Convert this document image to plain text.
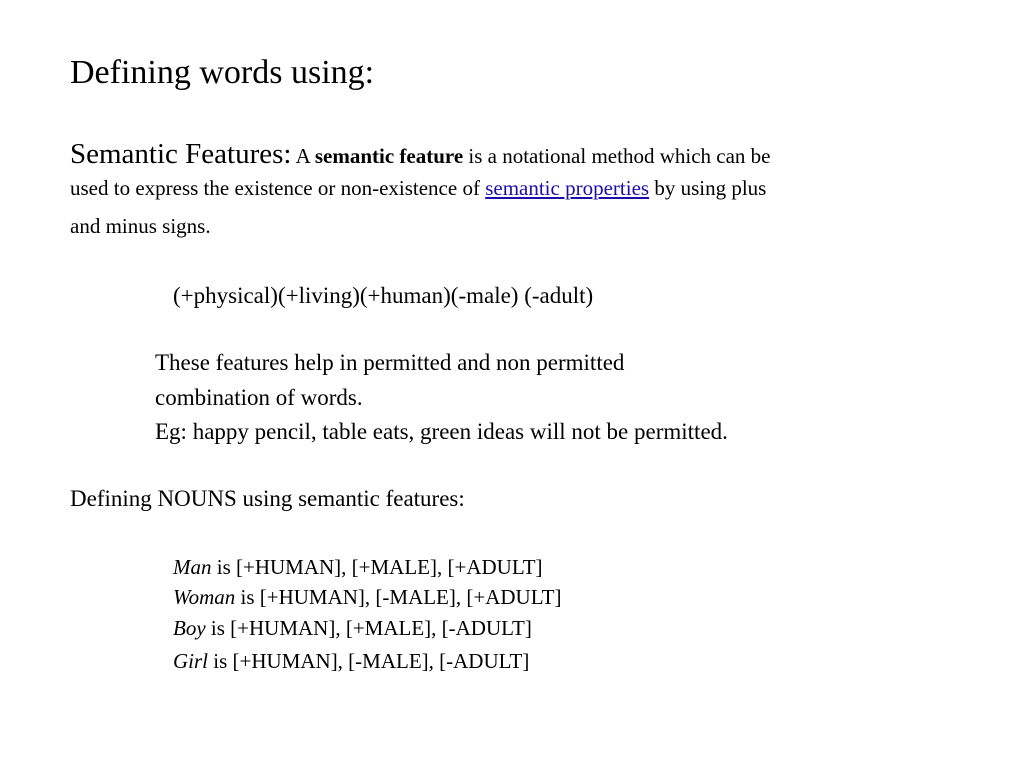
Defining words using:
Semantic Features: A semantic feature is a notational method which can be
used to express the existence or non-existence of semantic properties by using plus
and minus signs.
(+physical)(+living)(+human)(-male) (-adult)
These features help in permitted and non permitted
combination of words.
Eg: happy pencil, table eats, green ideas will not be permitted.
Defining NOUNS using semantic features:
Man is [+HUMAN], [+MALE], [+ADULT]
Woman is [+HUMAN], [-MALE], [+ADULT]
Boy is [+HUMAN], [+MALE], [-ADULT]
Girl is [+HUMAN], [-MALE], [-ADULT]
